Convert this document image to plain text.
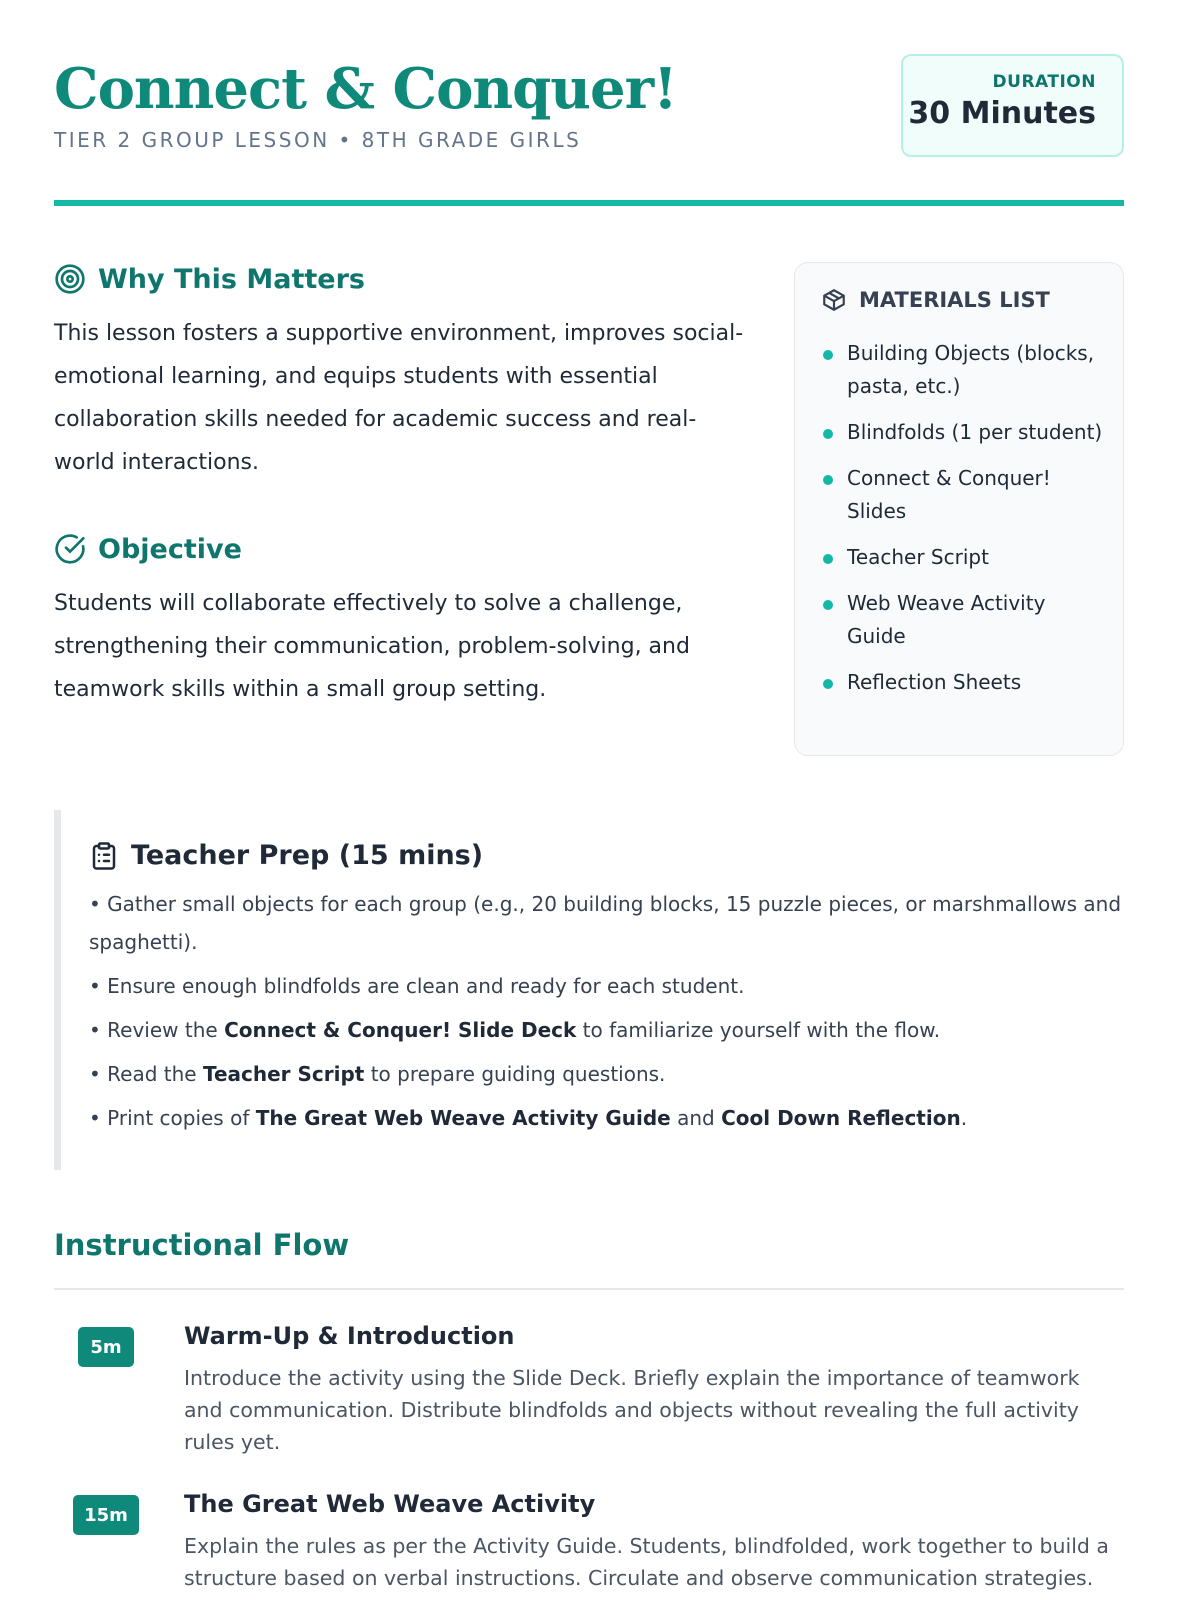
Connect & Conquer!
TIER 2 GROUP LESSON • 8TH GRADE GIRLS
DURATION
30 Minutes
Why This Matters

This lesson fosters a supportive environment, improves social-emotional learning, and equips students with essential collaboration skills needed for academic success and real-world interactions.

Objective

Students will collaborate effectively to solve a challenge, strengthening their communication, problem-solving, and teamwork skills within a small group setting.

MATERIALS LIST
Building Objects (blocks, pasta, etc.)
Blindfolds (1 per student)
Connect & Conquer! Slides
Teacher Script
Web Weave Activity Guide
Reflection Sheets
Teacher Prep (15 mins)

• Gather small objects for each group (e.g., 20 building blocks, 15 puzzle pieces, or marshmallows and spaghetti).

• Ensure enough blindfolds are clean and ready for each student.

• Review the Connect & Conquer! Slide Deck to familiarize yourself with the flow.

• Read the Teacher Script to prepare guiding questions.

• Print copies of The Great Web Weave Activity Guide and Cool Down Reflection.

Instructional Flow
5m	Warm-Up & Introduction
Introduce the activity using the Slide Deck. Briefly explain the importance of teamwork and communication. Distribute blindfolds and objects without revealing the full activity rules yet.
15m	The Great Web Weave Activity
Explain the rules as per the Activity Guide. Students, blindfolded, work together to build a structure based on verbal instructions. Circulate and observe communication strategies.
